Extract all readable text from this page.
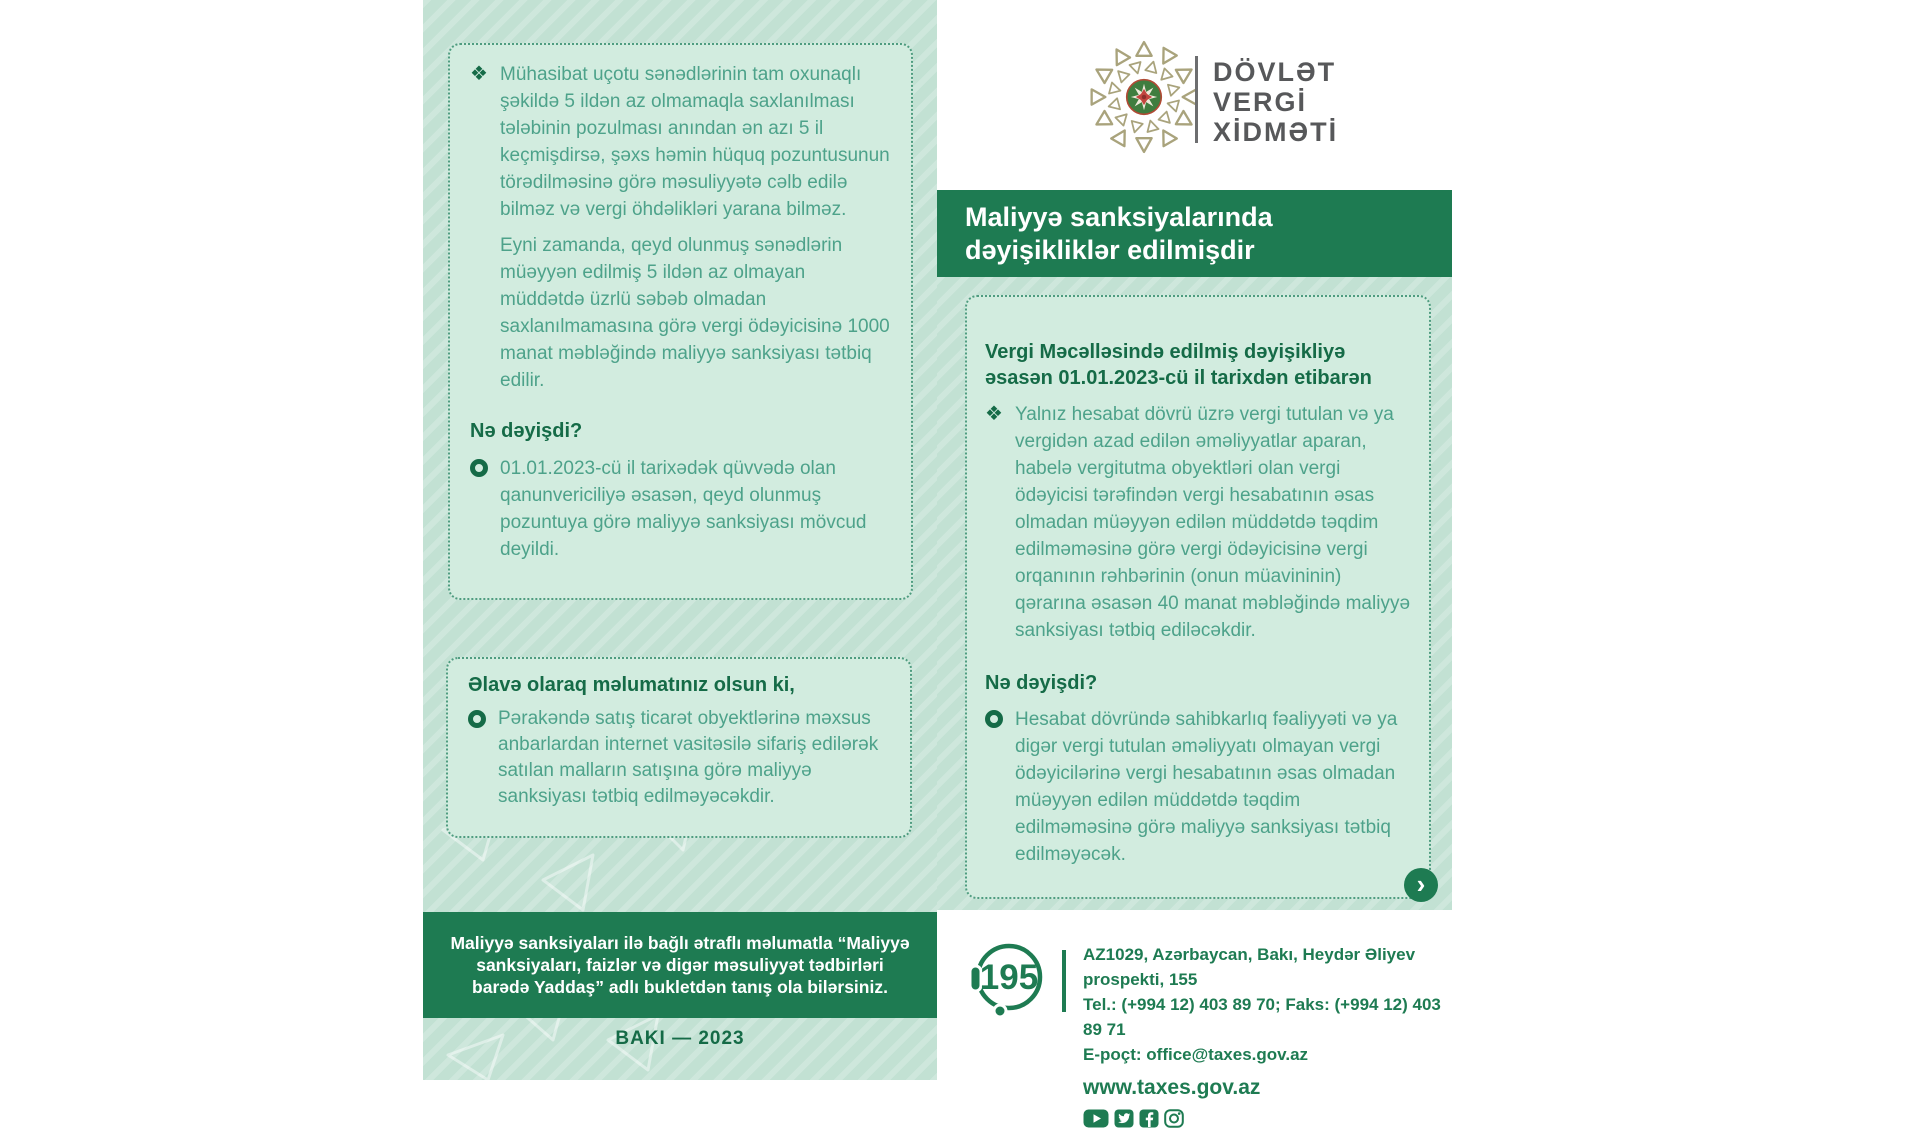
❖ Mühasibat uçotu sənədlərinin tam oxunaqlı şəkildə 5 ildən az olmamaqla saxlanılması tələbinin pozulması anından ən azı 5 il keçmişdirsə, şəxs həmin hüquq pozuntusunun törədilməsinə görə məsuliyyətə cəlb edilə bilməz və vergi öhdəlikləri yarana bilməz.

Eyni zamanda, qeyd olunmuş sənədlərin müəyyən edilmiş 5 ildən az olmayan müddətdə üzrlü səbəb olmadan saxlanılmamasına görə vergi ödəyicisinə 1000 manat məbləğində maliyyə sanksiyası tətbiq edilir.

Nə dəyişdi?

01.01.2023-cü il tarixədək qüvvədə olan qanunvericiliyə əsasən, qeyd olunmuş pozuntuya görə maliyyə sanksiyası mövcud deyildi.

Əlavə olaraq məlumatınız olsun ki,

Pərakəndə satış ticarət obyektlərinə məxsus anbarlardan internet vasitəsilə sifariş edilərək satılan malların satışına görə maliyyə sanksiyası tətbiq edilməyəcəkdir.

Maliyyə sanksiyaları ilə bağlı ətraflı məlumatla “Maliyyə sanksiyaları, faizlər və digər məsuliyyət tədbirləri barədə Yaddaş” adlı bukletdən tanış ola bilərsiniz.
BAKI — 2023
DÖVLƏT
VERGİ
XİDMƏTİ
Maliyyə sanksiyalarında dəyişikliklər edilmişdir
Vergi Məcəlləsində edilmiş dəyişikliyə əsasən 01.01.2023-cü il tarixdən etibarən
❖ Yalnız hesabat dövrü üzrə vergi tutulan və ya vergidən azad edilən əməliyyatlar aparan, habelə vergitutma obyektləri olan vergi ödəyicisi tərəfindən vergi hesabatının əsas olmadan müəyyən edilən müddətdə təqdim edilməməsinə görə vergi ödəyicisinə vergi orqanının rəhbərinin (onun müavininin) qərarına əsasən 40 manat məbləğində maliyyə sanksiyası tətbiq ediləcəkdir.

Nə dəyişdi?

Hesabat dövründə sahibkarlıq fəaliyyəti və ya digər vergi tutulan əməliyyatı olmayan vergi ödəyicilərinə vergi hesabatının əsas olmadan müəyyən edilən müddətdə təqdim edilməməsinə görə maliyyə sanksiyası tətbiq edilməyəcək.

›
195
AZ1029, Azərbaycan, Bakı, Heydər Əliyev prospekti, 155
Tel.: (+994 12) 403 89 70; Faks: (+994 12) 403 89 71
E-poçt: office@taxes.gov.az
www.taxes.gov.az
